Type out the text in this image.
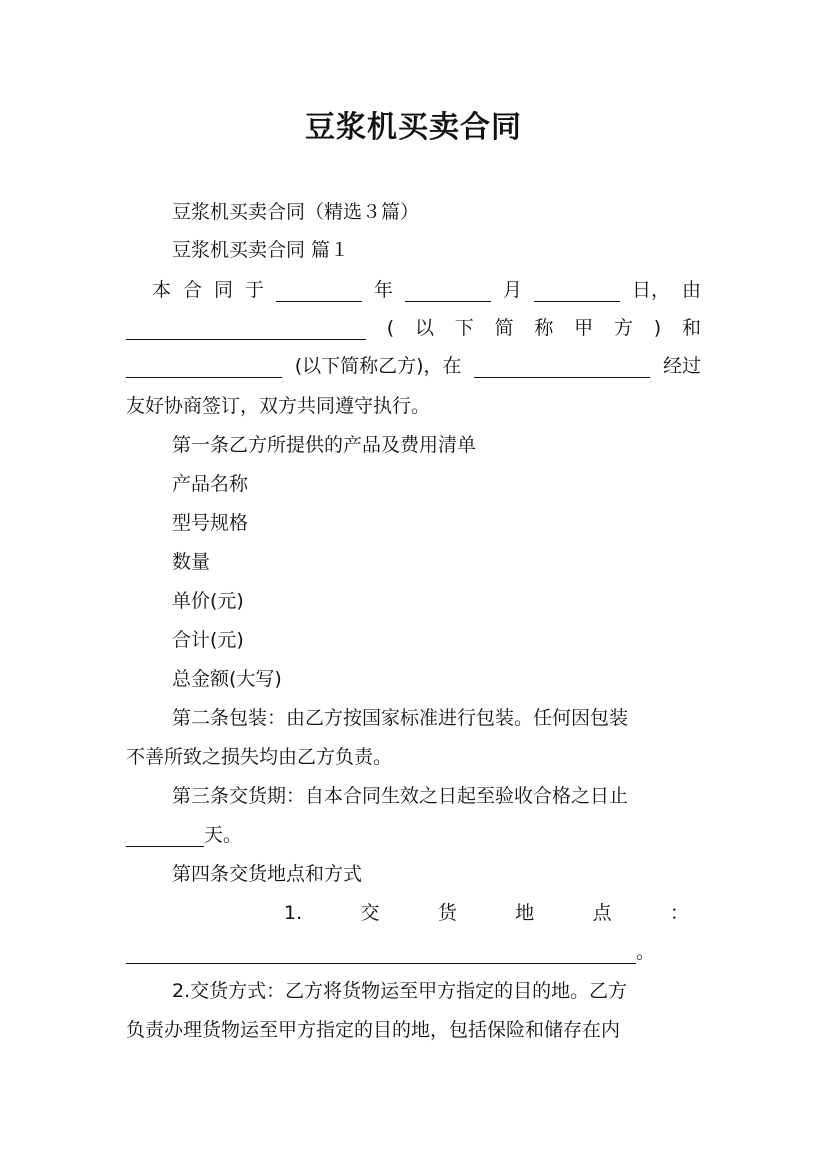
豆浆机买卖合同
豆浆机买卖合同（精选３篇）
豆浆机买卖合同 篇１
本 合 同 于	年	月	日， 由
( 以 下 简 称 甲 方 ) 和
(以下简称乙方)，在	经过
友好协商签订，双方共同遵守执行。
第一条乙方所提供的产品及费用清单
产品名称
型号规格
数量
单价(元)
合计(元)
总金额(大写)
第二条包装：由乙方按国家标准进行包装。任何因包装
不善所致之损失均由乙方负责。
第三条交货期：自本合同生效之日起至验收合格之日止
天。
第四条交货地点和方式
1.	交	货	地	点	：
。
2.交货方式：乙方将货物运至甲方指定的目的地。乙方
负责办理货物运至甲方指定的目的地，包括保险和储存在内
